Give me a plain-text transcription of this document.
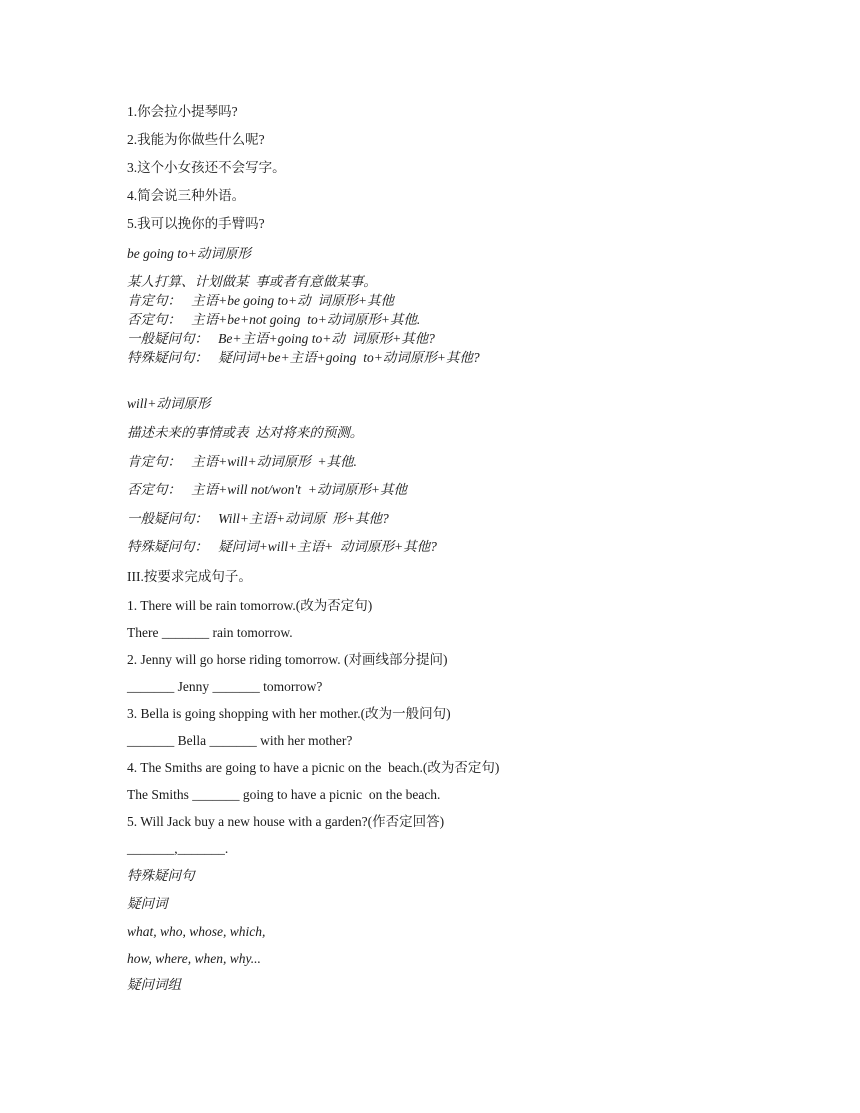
1.你会拉小提琴吗?
2.我能为你做些什么呢?
3.这个小女孩还不会写字。
4.简会说三种外语。
5.我可以挽你的手臂吗?
be going to+动词原形
某人打算、计划做某  事或者有意做某事。
肯定句：   主语+be going to+动  词原形+其他
否定句：   主语+be+not going  to+动词原形+其他.
一般疑问句：   Be+主语+going to+动  词原形+其他?
特殊疑问句：   疑问词+be+主语+going  to+动词原形+其他?
will+动词原形
描述未来的事情或表  达对将来的预测。
肯定句：   主语+will+动词原形  +其他.
否定句：   主语+will not/won't  +动词原形+其他
一般疑问句：   Will+主语+动词原  形+其他?
特殊疑问句：   疑问词+will+主语+  动词原形+其他?
III.按要求完成句子。
1. There will be rain tomorrow.(改为否定句)
There _______ rain tomorrow.
2. Jenny will go horse riding tomorrow. (对画线部分提问)
_______ Jenny _______ tomorrow?
3. Bella is going shopping with her mother.(改为一般问句)
_______ Bella _______ with her mother?
4. The Smiths are going to have a picnic on the  beach.(改为否定句)
The Smiths _______ going to have a picnic  on the beach.
5. Will Jack buy a new house with a garden?(作否定回答)
_______,_______.
特殊疑问句
疑问词
what, who, whose, which,
how, where, when, why...
疑问词组
